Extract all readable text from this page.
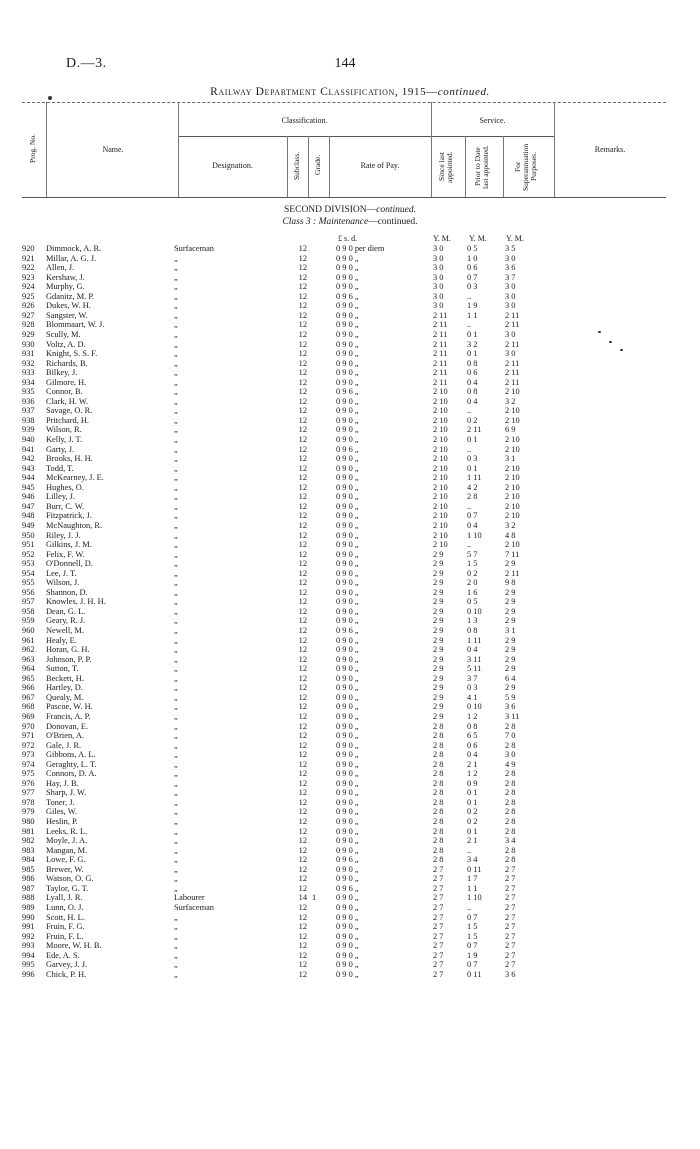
D.—3.	144
Railway Department Classification, 1915—continued.
Prog. No.	Name.
Classification.	Service.
Designation.	Subclass. Grade.	Rate of Pay.	Since last appointed.	Prior to Date last appointed.	For Superannuation Purposes.
Remarks.
SECOND DIVISION—continued.
Class 3 : Maintenance—continued.
£ s. d.	Y. M. Y. M. Y. M.
920	Dimmock, A. R.	Surfaceman	12	0 9 0 per diem	3 0	0 5	3 5
921	Millar, A. G. J.	„	12	0 9 0 „	3 0	1 0	3 0
922	Allen, J.	„	12	0 9 0 „	3 0	0 6	3 6
923	Kershaw, J.	„	12	0 9 0 „	3 0	0 7	3 7
924	Murphy, G.	„	12	0 9 0 „	3 0	0 3	3 0
925	Gdanitz, M. P.	„	12	0 9 6 „	3 0	..	3 0
926	Dukes, W. H.	„	12	0 9 0 „	3 0	1 9	3 0
927	Sangster, W.	„	12	0 9 0 „	2 11	1 1	2 11
928	Blommaart, W. J.	„	12	0 9 0 „	2 11	..	2 11
929	Scully, M.	„	12	0 9 0 „	2 11	0 1	3 0
930	Voltz, A. D.	„	12	0 9 0 „	2 11	3 2	2 11
931	Knight, S. S. F.	„	12	0 9 0 „	2 11	0 1	3 0
932	Richards, B.	„	12	0 9 0 „	2 11	0 8	2 11
933	Bilkey, J.	„	12	0 9 0 „	2 11	0 6	2 11
934	Gilmore, H.	„	12	0 9 0 „	2 11	0 4	2 11
935	Connor, B.	„	12	0 9 6 „	2 10	0 8	2 10
936	Clark, H. W.	„	12	0 9 0 „	2 10	0 4	3 2
937	Savage, O. R.	„	12	0 9 0 „	2 10	..	2 10
938	Pritchard, H.	„	12	0 9 0 „	2 10	0 2	2 10
939	Wilson, R.	„	12	0 9 0 „	2 10	2 11	6 9
940	Kelly, J. T.	„	12	0 9 0 „	2 10	0 1	2 10
941	Garty, J.	„	12	0 9 6 „	2 10	..	2 10
942	Brooks, H. H.	„	12	0 9 0 „	2 10	0 3	3 1
943	Todd, T.	„	12	0 9 0 „	2 10	0 1	2 10
944	McKearney, J. E.	„	12	0 9 0 „	2 10	1 11	2 10
945	Hughes, O.	„	12	0 9 0 „	2 10	4 2	2 10
946	Lilley, J.	„	12	0 9 0 „	2 10	2 8	2 10
947	Burr, C. W.	„	12	0 9 0 „	2 10	..	2 10
948	Fitzpatrick, J.	„	12	0 9 0 „	2 10	0 7	2 10
949	McNaughton, R.	„	12	0 9 0 „	2 10	0 4	3 2
950	Riley, J. J.	„	12	0 9 0 „	2 10	1 10	4 8
951	Gilkins, J. M.	„	12	0 9 0 „	2 10	..	2 10
952	Felix, F. W.	„	12	0 9 0 „	2 9	5 7	7 11
953	O'Donnell, D.	„	12	0 9 0 „	2 9	1 5	2 9
954	Lee, J. T.	„	12	0 9 0 „	2 9	0 2	2 11
955	Wilson, J.	„	12	0 9 0 „	2 9	2 0	9 8
956	Shannon, D.	„	12	0 9 0 „	2 9	1 6	2 9
957	Knowles, J. H. H.	„	12	0 9 0 „	2 9	0 5	2 9
958	Dean, G. L.	„	12	0 9 0 „	2 9	0 10	2 9
959	Geary, R. J.	„	12	0 9 0 „	2 9	1 3	2 9
960	Newell, M.	„	12	0 9 6 „	2 9	0 8	3 1
961	Healy, E.	„	12	0 9 0 „	2 9	1 11	2 9
962	Horan, G. H.	„	12	0 9 0 „	2 9	0 4	2 9
963	Johnson, P. P.	„	12	0 9 0 „	2 9	3 11	2 9
964	Sutton, T.	„	12	0 9 0 „	2 9	5 11	2 9
965	Beckett, H.	„	12	0 9 0 „	2 9	3 7	6 4
966	Hartley, D.	„	12	0 9 0 „	2 9	0 3	2 9
967	Quealy, M.	„	12	0 9 0 „	2 9	4 1	5 9
968	Pascoe, W. H.	„	12	0 9 0 „	2 9	0 10	3 6
969	Francis, A. P.	„	12	0 9 0 „	2 9	1 2	3 11
970	Donovan, E.	„	12	0 9 0 „	2 8	0 8	2 8
971	O'Brien, A.	„	12	0 9 0 „	2 8	6 5	7 0
972	Gale, J. R.	„	12	0 9 0 „	2 8	0 6	2 8
973	Gibbons, A. L.	„	12	0 9 0 „	2 8	0 4	3 0
974	Geraghty, L. T.	„	12	0 9 0 „	2 8	2 1	4 9
975	Connors, D. A.	„	12	0 9 0 „	2 8	1 2	2 8
976	Hay, J. B.	„	12	0 9 0 „	2 8	0 9	2 8
977	Sharp, J. W.	„	12	0 9 0 „	2 8	0 1	2 8
978	Toner, J.	„	12	0 9 0 „	2 8	0 1	2 8
979	Giles, W.	„	12	0 9 0 „	2 8	0 2	2 8
980	Heslin, P.	„	12	0 9 0 „	2 8	0 2	2 8
981	Leeks, R. L.	„	12	0 9 0 „	2 8	0 1	2 8
982	Moyle, J. A.	„	12	0 9 0 „	2 8	2 1	3 4
983	Mangan, M.	„	12	0 9 0 „	2 8	..	2 8
984	Lowe, F. G.	„	12	0 9 6 „	2 8	3 4	2 8
985	Brewer, W.	„	12	0 9 0 „	2 7	0 11	2 7
986	Watson, O. G.	„	12	0 9 0 „	2 7	1 7	2 7
987	Taylor, G. T.	„	12	0 9 6 „	2 7	1 1	2 7
988	Lyall, J. R.	Labourer	14 1	0 9 0 „	2 7	1 10	2 7
989	Lunn, O. J.	Surfaceman	12	0 9 0 „	2 7	..	2 7
990	Scott, H. L.	„	12	0 9 0 „	2 7	0 7	2 7
991	Fruin, F. G.	„	12	0 9 0 „	2 7	1 5	2 7
992	Fruin, F. L.	„	12	0 9 0 „	2 7	1 5	2 7
993	Moore, W. H. B.	„	12	0 9 0 „	2 7	0 7	2 7
994	Ede, A. S.	„	12	0 9 0 „	2 7	1 9	2 7
995	Garvey, J. J.	„	12	0 9 0 „	2 7	0 7	2 7
996	Chick, P. H.	„	12	0 9 0 „	2 7	0 11	3 6
